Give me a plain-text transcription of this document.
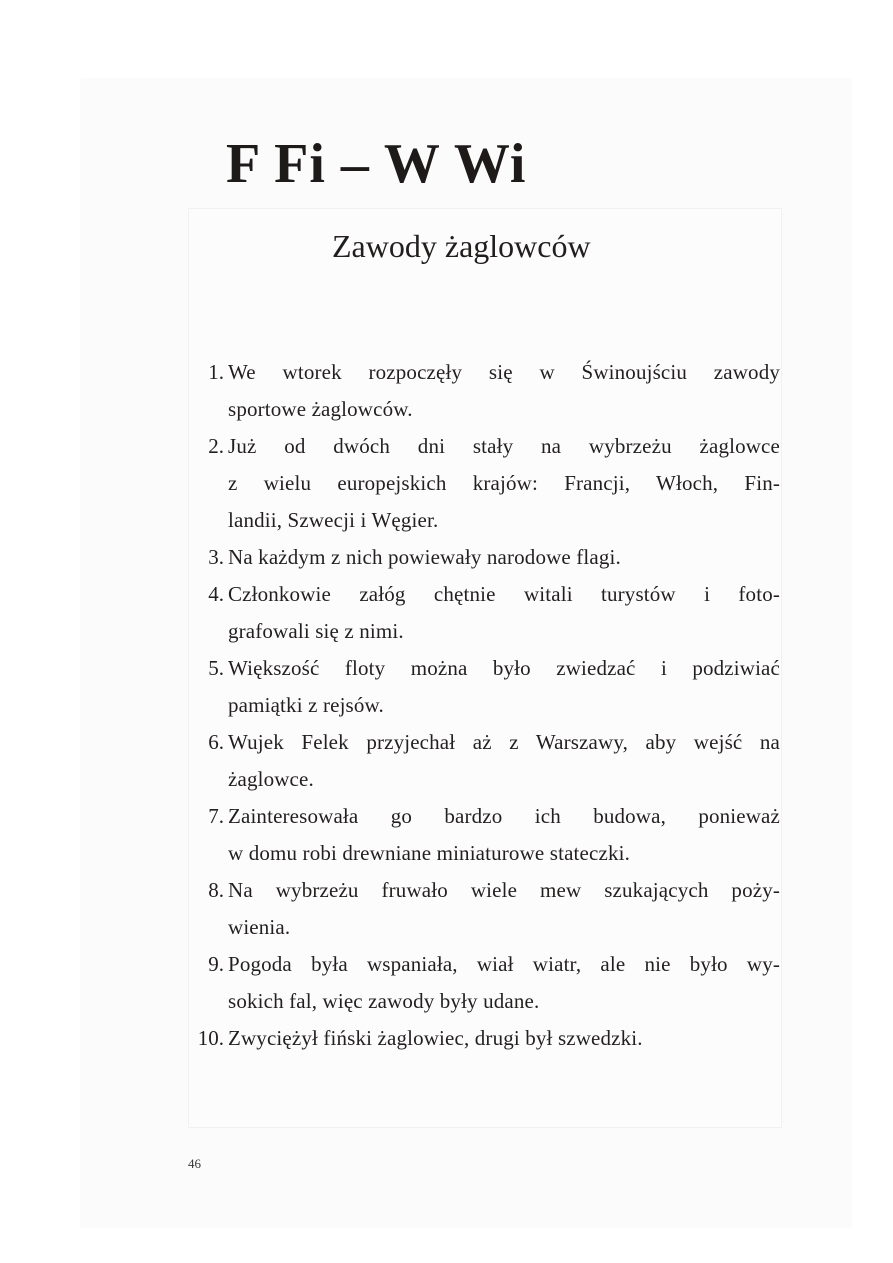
F Fi – W Wi
Zawody żaglowców
1. We wtorek rozpoczęły się w Świnoujściu zawody
sportowe żaglowców.
2. Już od dwóch dni stały na wybrzeżu żaglowce
z wielu europejskich krajów: Francji, Włoch, Fin-
landii, Szwecji i Węgier.
3. Na każdym z nich powiewały narodowe flagi.
4. Członkowie załóg chętnie witali turystów i foto-
grafowali się z nimi.
5. Większość floty można było zwiedzać i podziwiać
pamiątki z rejsów.
6. Wujek Felek przyjechał aż z Warszawy, aby wejść na
żaglowce.
7. Zainteresowała go bardzo ich budowa, ponieważ
w domu robi drewniane miniaturowe stateczki.
8. Na wybrzeżu fruwało wiele mew szukających poży-
wienia.
9. Pogoda była wspaniała, wiał wiatr, ale nie było wy-
sokich fal, więc zawody były udane.
10. Zwyciężył fiński żaglowiec, drugi był szwedzki.
46
